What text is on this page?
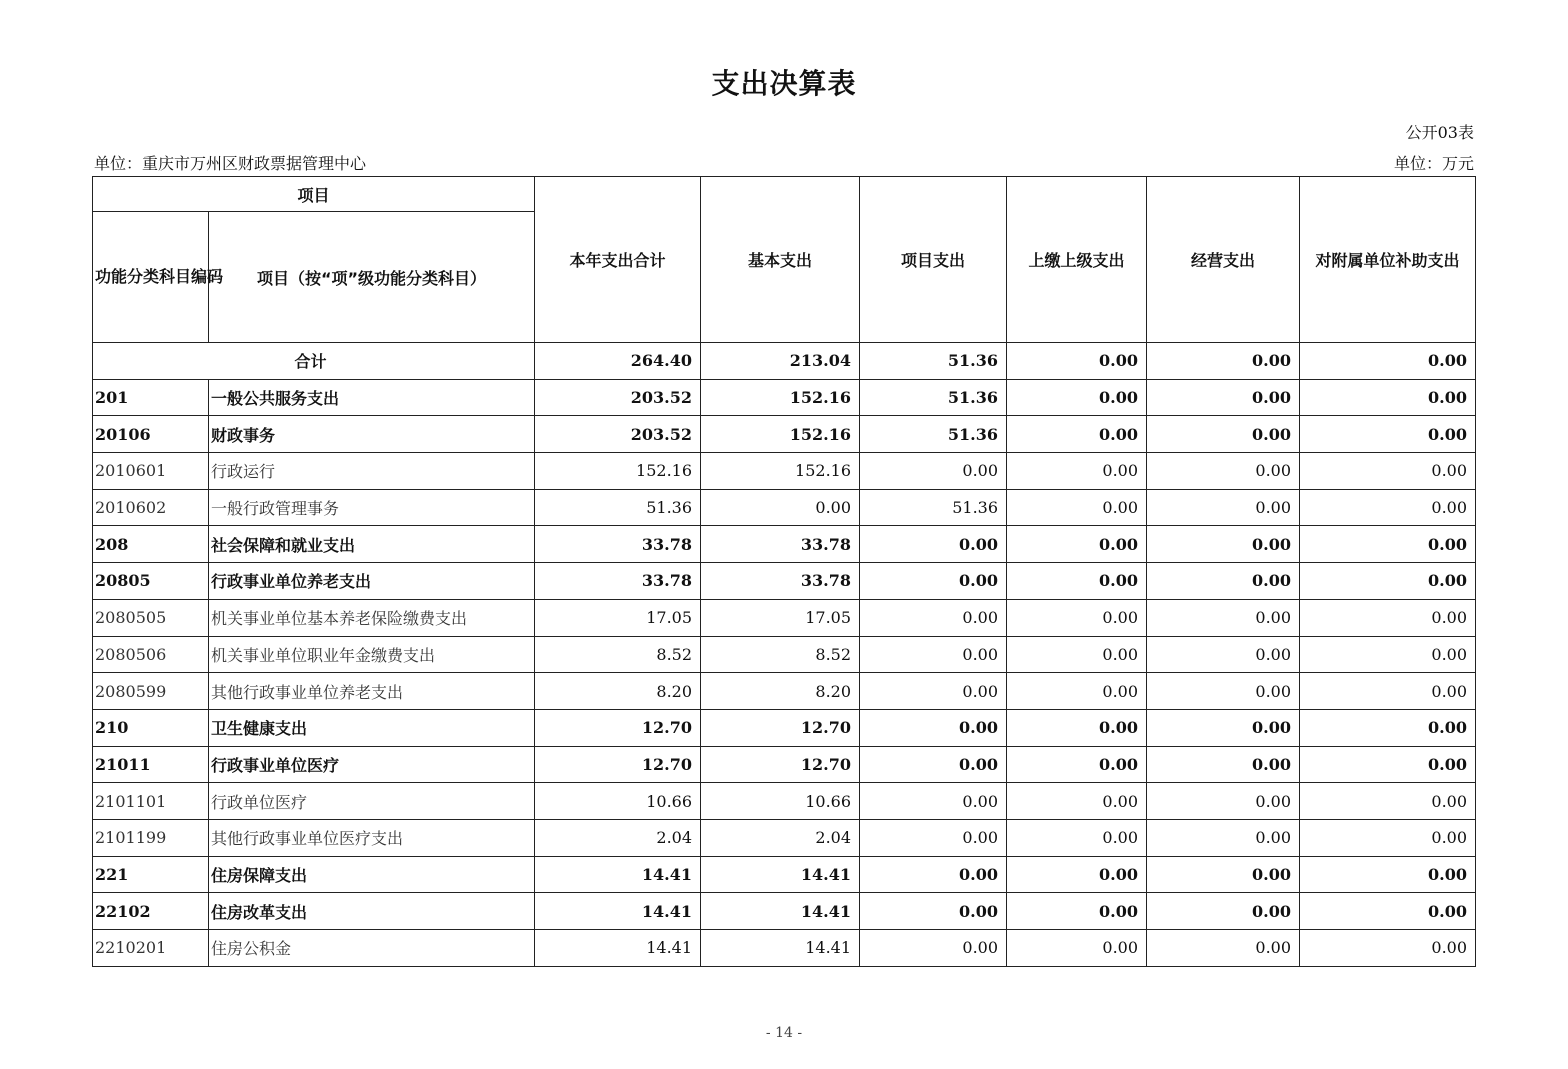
支出决算表
公开03表
单位：重庆市万州区财政票据管理中心	单位：万元
项目		本年支出合计	基本支出	项目支出	上缴上级支出	经营支出	对附属单位补助支出
功能分类科目编码	项目（按“项”级功能分类科目）						
合计		264.40	213.04	51.36	0.00	0.00	0.00
201	一般公共服务支出	203.52	152.16	51.36	0.00	0.00	0.00
20106	财政事务	203.52	152.16	51.36	0.00	0.00	0.00
2010601	行政运行	152.16	152.16	0.00	0.00	0.00	0.00
2010602	一般行政管理事务	51.36	0.00	51.36	0.00	0.00	0.00
208	社会保障和就业支出	33.78	33.78	0.00	0.00	0.00	0.00
20805	行政事业单位养老支出	33.78	33.78	0.00	0.00	0.00	0.00
2080505	机关事业单位基本养老保险缴费支出	17.05	17.05	0.00	0.00	0.00	0.00
2080506	机关事业单位职业年金缴费支出	8.52	8.52	0.00	0.00	0.00	0.00
2080599	其他行政事业单位养老支出	8.20	8.20	0.00	0.00	0.00	0.00
210	卫生健康支出	12.70	12.70	0.00	0.00	0.00	0.00
21011	行政事业单位医疗	12.70	12.70	0.00	0.00	0.00	0.00
2101101	行政单位医疗	10.66	10.66	0.00	0.00	0.00	0.00
2101199	其他行政事业单位医疗支出	2.04	2.04	0.00	0.00	0.00	0.00
221	住房保障支出	14.41	14.41	0.00	0.00	0.00	0.00
22102	住房改革支出	14.41	14.41	0.00	0.00	0.00	0.00
2210201	住房公积金	14.41	14.41	0.00	0.00	0.00	0.00
- 14 -
